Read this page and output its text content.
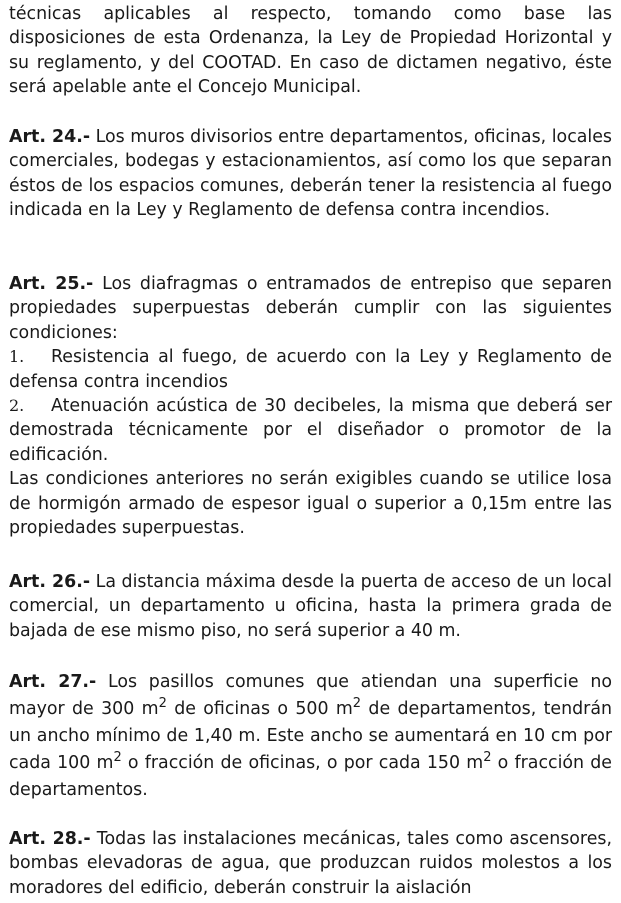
técnicas aplicables al respecto, tomando como base las disposiciones de esta Ordenanza, la Ley de Propiedad Horizontal y su reglamento, y del COOTAD. En caso de dictamen negativo, éste será apelable ante el Concejo Municipal.

Art. 24.- Los muros divisorios entre departamentos, oficinas, locales comerciales, bodegas y estacionamientos, así como los que separan éstos de los espacios comunes, deberán tener la resistencia al fuego indicada en la Ley y Reglamento de defensa contra incendios.

Art. 25.- Los diafragmas o entramados de entrepiso que separen propiedades superpuestas deberán cumplir con las siguientes condiciones:

1. Resistencia al fuego, de acuerdo con la Ley y Reglamento de defensa contra incendios

2. Atenuación acústica de 30 decibeles, la misma que deberá ser demostrada técnicamente por el diseñador o promotor de la edificación.

Las condiciones anteriores no serán exigibles cuando se utilice losa de hormigón armado de espesor igual o superior a 0,15m entre las propiedades superpuestas.

Art. 26.- La distancia máxima desde la puerta de acceso de un local comercial, un departamento u oficina, hasta la primera grada de bajada de ese mismo piso, no será superior a 40 m.

Art. 27.- Los pasillos comunes que atiendan una superficie no mayor de 300 $m^2$ de oficinas o 500 $m^2$ de departamentos, tendrán un ancho mínimo de 1,40 m. Este ancho se aumentará en 10 cm por cada 100 $m^2$ o fracción de oficinas, o por cada 150 $m^2$ o fracción de departamentos.

Art. 28.- Todas las instalaciones mecánicas, tales como ascensores, bombas elevadoras de agua, que produzcan ruidos molestos a los moradores del edificio, deberán construir la aislación
